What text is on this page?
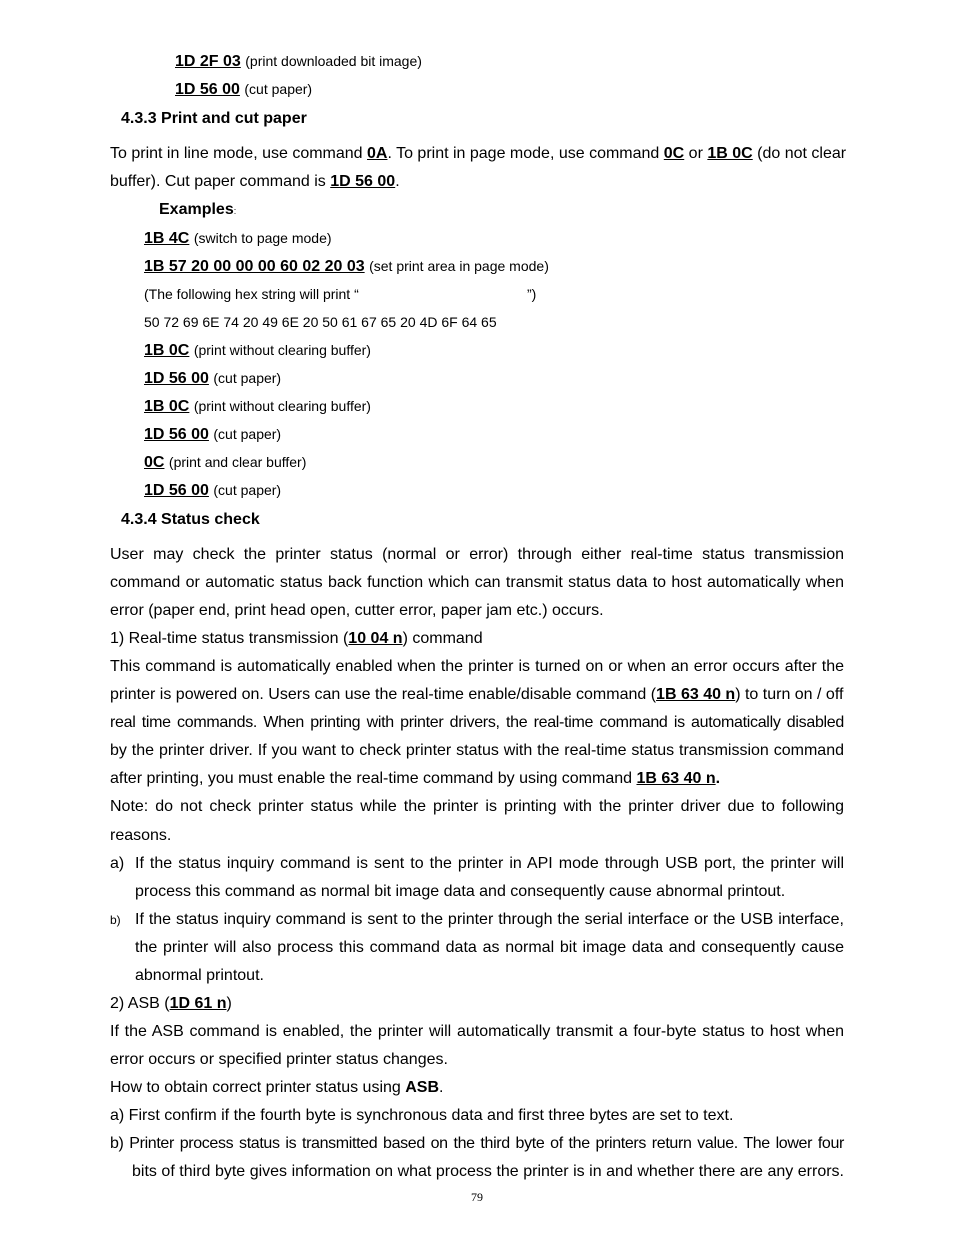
1D 2F 03 (print downloaded bit image)
1D 56 00 (cut paper)
4.3.3 Print and cut paper
To print in line mode, use command 0A. To print in page mode, use command 0C or 1B 0C (do not clear
buffer). Cut paper command is 1D 56 00.
Examples:
1B 4C (switch to page mode)
1B 57 20 00 00 00 60 02 20 03 (set print area in page mode)
(The following hex string will print “	”)
50 72 69 6E 74 20 49 6E 20 50 61 67 65 20 4D 6F 64 65
1B 0C (print without clearing buffer)
1D 56 00 (cut paper)
1B 0C (print without clearing buffer)
1D 56 00 (cut paper)
0C (print and clear buffer)
1D 56 00 (cut paper)
4.3.4 Status check
User may check the printer status (normal or error) through either real-time status transmission
command or automatic status back function which can transmit status data to host automatically when
error (paper end, print head open, cutter error, paper jam etc.) occurs.
1) Real-time status transmission (10 04 n) command
This command is automatically enabled when the printer is turned on or when an error occurs after the
printer is powered on. Users can use the real-time enable/disable command (1B 63 40 n) to turn on / off
real time commands. When printing with printer drivers, the real-time command is automatically disabled
by the printer driver. If you want to check printer status with the real-time status transmission command
after printing, you must enable the real-time command by using command 1B 63 40 n.
Note: do not check printer status while the printer is printing with the printer driver due to following
reasons.
a) If the status inquiry command is sent to the printer in API mode through USB port, the printer will
process this command as normal bit image data and consequently cause abnormal printout.
b) If the status inquiry command is sent to the printer through the serial interface or the USB interface,
the printer will also process this command data as normal bit image data and consequently cause
abnormal printout.
2) ASB (1D 61 n)
If the ASB command is enabled, the printer will automatically transmit a four-byte status to host when
error occurs or specified printer status changes.
How to obtain correct printer status using ASB.
a) First confirm if the fourth byte is synchronous data and first three bytes are set to text.
b) Printer process status is transmitted based on the third byte of the printers return value. The lower four
bits of third byte gives information on what process the printer is in and whether there are any errors.
79
